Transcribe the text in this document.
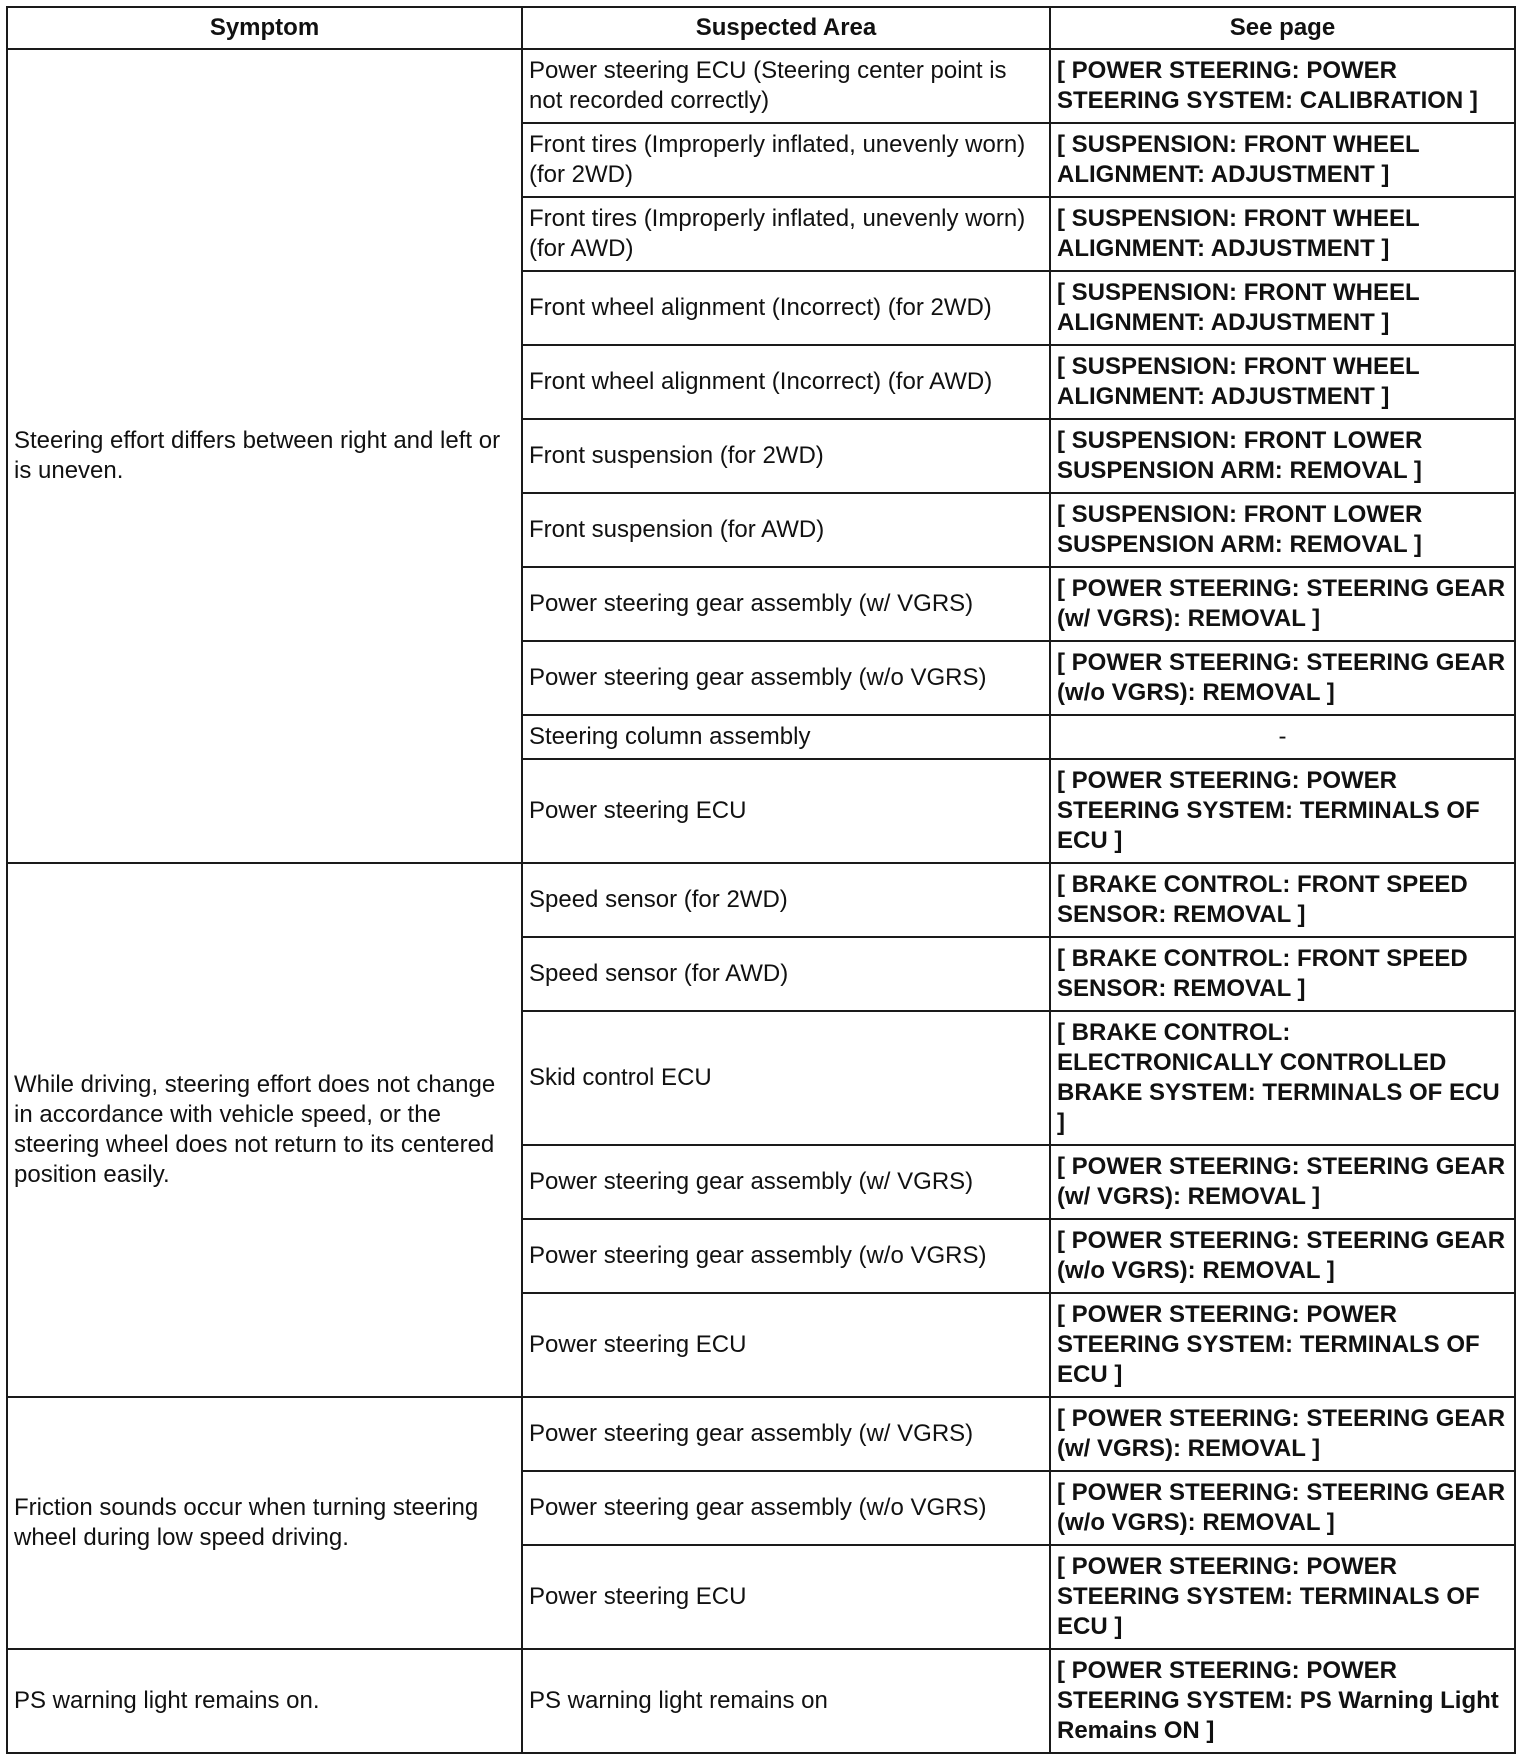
Symptom	Suspected Area	See page
Steering effort differs between right and left or is uneven.	Power steering ECU (Steering center point is not recorded correctly)	[ POWER STEERING: POWER STEERING SYSTEM: CALIBRATION ]
	Front tires (Improperly inflated, unevenly worn) (for 2WD)	[ SUSPENSION: FRONT WHEEL ALIGNMENT: ADJUSTMENT ]
	Front tires (Improperly inflated, unevenly worn) (for AWD)	[ SUSPENSION: FRONT WHEEL ALIGNMENT: ADJUSTMENT ]
	Front wheel alignment (Incorrect) (for 2WD)	[ SUSPENSION: FRONT WHEEL ALIGNMENT: ADJUSTMENT ]
	Front wheel alignment (Incorrect) (for AWD)	[ SUSPENSION: FRONT WHEEL ALIGNMENT: ADJUSTMENT ]
	Front suspension (for 2WD)	[ SUSPENSION: FRONT LOWER SUSPENSION ARM: REMOVAL ]
	Front suspension (for AWD)	[ SUSPENSION: FRONT LOWER SUSPENSION ARM: REMOVAL ]
	Power steering gear assembly (w/ VGRS)	[ POWER STEERING: STEERING GEAR (w/ VGRS): REMOVAL ]
	Power steering gear assembly (w/o VGRS)	[ POWER STEERING: STEERING GEAR (w/o VGRS): REMOVAL ]
	Steering column assembly	-
	Power steering ECU	[ POWER STEERING: POWER STEERING SYSTEM: TERMINALS OF ECU ]
While driving, steering effort does not change in accordance with vehicle speed, or the steering wheel does not return to its centered position easily.	Speed sensor (for 2WD)	[ BRAKE CONTROL: FRONT SPEED SENSOR: REMOVAL ]
	Speed sensor (for AWD)	[ BRAKE CONTROL: FRONT SPEED SENSOR: REMOVAL ]
	Skid control ECU	[ BRAKE CONTROL: ELECTRONICALLY CONTROLLED BRAKE SYSTEM: TERMINALS OF ECU ]
	Power steering gear assembly (w/ VGRS)	[ POWER STEERING: STEERING GEAR (w/ VGRS): REMOVAL ]
	Power steering gear assembly (w/o VGRS)	[ POWER STEERING: STEERING GEAR (w/o VGRS): REMOVAL ]
	Power steering ECU	[ POWER STEERING: POWER STEERING SYSTEM: TERMINALS OF ECU ]
Friction sounds occur when turning steering wheel during low speed driving.	Power steering gear assembly (w/ VGRS)	[ POWER STEERING: STEERING GEAR (w/ VGRS): REMOVAL ]
	Power steering gear assembly (w/o VGRS)	[ POWER STEERING: STEERING GEAR (w/o VGRS): REMOVAL ]
	Power steering ECU	[ POWER STEERING: POWER STEERING SYSTEM: TERMINALS OF ECU ]
PS warning light remains on.	PS warning light remains on	[ POWER STEERING: POWER STEERING SYSTEM: PS Warning Light Remains ON ]
